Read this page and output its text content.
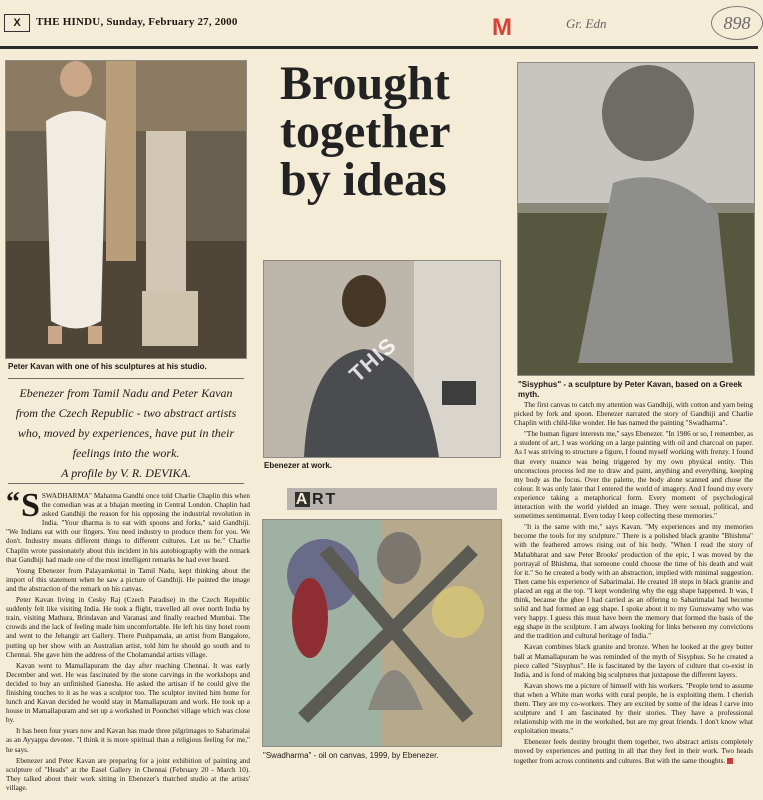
X	THE HINDU, Sunday, February 27, 2000	M	Gr. Edn	898
Peter Kavan with one of his sculptures at his studio.
Brought together by ideas
"Sisyphus" - a sculpture by Peter Kavan, based on a Greek myth.
THIS
Ebenezer at work.
Ebenezer from Tamil Nadu and Peter Kavan from the Czech Republic - two abstract artists who, moved by experiences, have put in their feelings into the work.
A profile by V. R. DEVIKA.
A RT
"Swadharma" - oil on canvas, 1999, by Ebenezer.

“ S SWADHARMA" Mahatma Gandhi once told Charlie Chaplin this when the comedian was at a bhajan meeting in Central London. Chaplin had asked Gandhiji the reason for his opposing the industrial revolution in India. "Your dharma is to eat with spoons and forks," said Gandhiji. "We Indians eat with our fingers. You need industry to produce them for you. We don't. Industry means different things to different cultures. Let us be." Charlie Chaplin wrote passionately about this incident in his autobiography with the remark that Gandhiji had made one of the most intelligent remarks he had ever heard.

Young Ebenezer from Palayamkottai in Tamil Nadu, kept thinking about the import of this statement when he saw a picture of Gandhiji. He painted the image and the abstraction of the remark on his canvas.

Peter Kavan living in Cesky Raj (Czech Paradise) in the Czech Republic suddenly felt like visiting India. He took a flight, travelled all over north India by train, visiting Mathura, Brindavan and Varanasi and finally reached Mumbai. The crowds and the lack of feeling made him uncomfortable. He left his tiny hotel room and went to the Jehangir art Gallery. There Pushpamala, an artist from Bangalore, putting up her show with an Australian artist, told him he should go south and to Chennai. She gave him the address of the Cholamandal artists village.

Kavan went to Mamallapuram the day after reaching Chennai. It was early December and wet. He was fascinated by the stone carvings in the workshops and decided to buy an unfinished Ganesha. He asked the artisan if he could give the finishing touches to it as he was a sculptor too. The sculptor invited him home for lunch and Kavan decided he would stay in Mamallapuram and work. He took up a house in Mamallapuram and set up a workshed in Poonchei village which was close by.

It has been four years now and Kavan has made three pilgrimages to Sabarimalai as an Ayyappa devotee. "I think it is more spiritual than a religious feeling for me," he says.

Ebenezer and Peter Kavan are preparing for a joint exhibition of painting and sculpture of "Heads" at the Easel Gallery in Chennai (February 20 - March 10). They talked about their work sitting in Ebenezer's thatched studio at the artists' village.

The first canvas to catch my attention was Gandhiji, with cotton and yarn being picked by fork and spoon. Ebenezer narrated the story of Gandhiji and Charlie Chaplin with child-like wonder. He has named the painting "Swadharma".

"The human figure interests me," says Ebenezer. "In 1986 or so, I remember, as a student of art, I was working on a large painting with oil and charcoal on paper. As I was striving to structure a figure, I found myself working with frenzy. I found that every nuance was being triggered by my own physical entity. This unconscious process led me to draw and paint, anything and everything, keeping my body as the focus. Over the palette, the body alone scanned and chose the colour. It was only later that I entered the world of imagery. And I found my every experience taking a metaphorical form. Every moment of psychological interaction with the world yielded an image. They were sexual, political, and sometimes sentimental. Even today I keep collecting these memories."

"It is the same with me," says Kavan. "My experiences and my memories become the tools for my sculpture." There is a polished black granite "Bhishma" with the feathered arrows rising out of his body. "When I read the story of Mahabharat and saw Peter Brooks' production of the epic, I was moved by the portrayal of Bhishma, that someone could choose the time of his death and wait for it." So he created a body with an abstraction, implied with minimal suggestion. Then came his experience of Sabarimalai. He created 18 steps in black granite and placed an egg at the top. "I kept wondering why the egg shape happened. It was, I think, because the ghee I had carried as an offering to Sabarimalai had become solid and had formed an egg shape. I spoke about it to my Guruswamy who was very happy. I guess this must have been the memory that formed the basis of the egg shape in the sculpture. I am always looking for links between my convictions and the tradition and cultural heritage of India."

Kavan combines black granite and bronze. When he looked at the grey butter ball at Mamallapuram he was reminded of the myth of Sisyphus. So he created a piece called "Sisyphus". He is fascinated by the layers of culture that co-exist in India, and is fond of making big sculptures that juxtapose the different layers.

Kavan shows me a picture of himself with his workers. "People tend to assume that when a White man works with rural people, he is exploiting them. I cherish them. They are my co-workers. They are excited by some of the ideas I carve into sculpture and I am fascinated by their stories. They have a professional relationship with me in the workshed, but are my great friends. I don't know what exploitation means."

Ebenezer feels destiny brought them together, two abstract artists completely moved by experiences and putting in all that they feel in their work. Two heads together from across continents and cultures. But with the same thoughts.
